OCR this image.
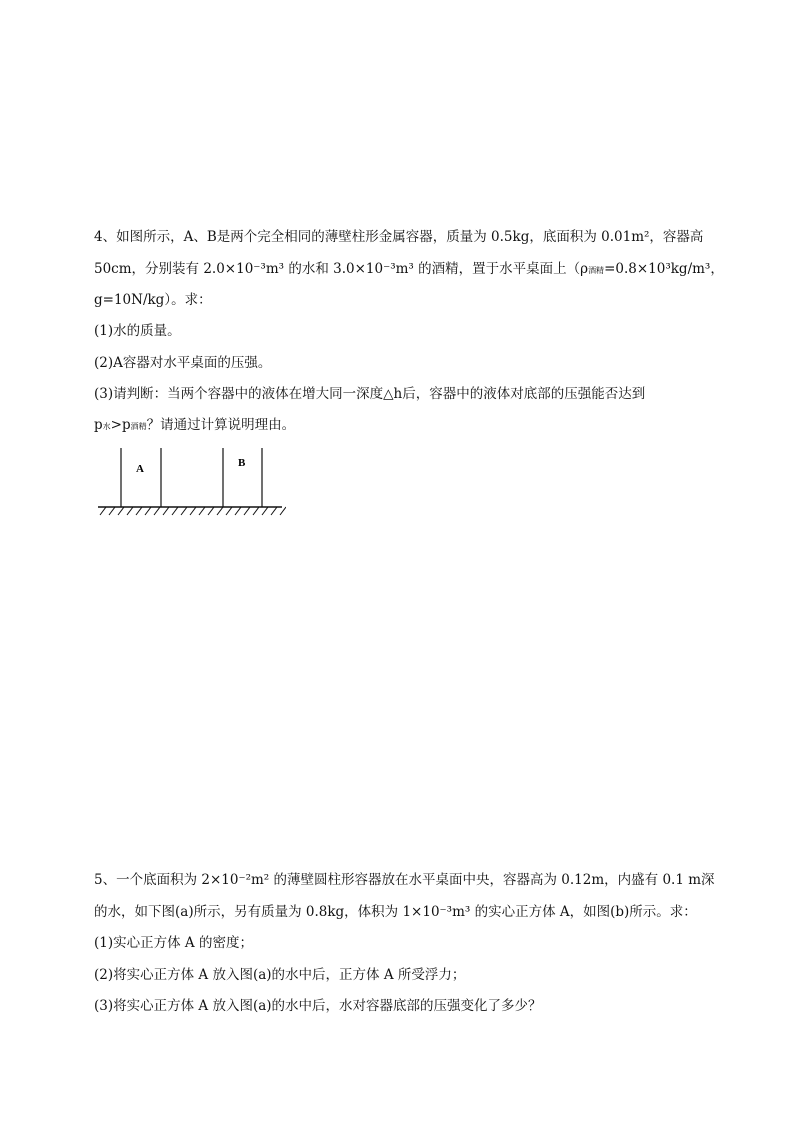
4、如图所示，A、B是两个完全相同的薄壁柱形金属容器，质量为 0.5kg，底面积为 0.01m²，容器高
50cm，分别装有 2.0×10⁻³m³ 的水和 3.0×10⁻³m³ 的酒精，置于水平桌面上（ρ酒精=0.8×10³kg/m³，
g=10N/kg）。求：
(1)水的质量。
(2)A容器对水平桌面的压强。
(3)请判断：当两个容器中的液体在增大同一深度△h后，容器中的液体对底部的压强能否达到
p水>p酒精？请通过计算说明理由。
A	B
5、一个底面积为 2×10⁻²m² 的薄壁圆柱形容器放在水平桌面中央，容器高为 0.12m，内盛有 0.1 m深
的水，如下图(a)所示，另有质量为 0.8kg，体积为 1×10⁻³m³ 的实心正方体 A，如图(b)所示。求：
(1)实心正方体 A 的密度；
(2)将实心正方体 A 放入图(a)的水中后，正方体 A 所受浮力；
(3)将实心正方体 A 放入图(a)的水中后，水对容器底部的压强变化了多少？
